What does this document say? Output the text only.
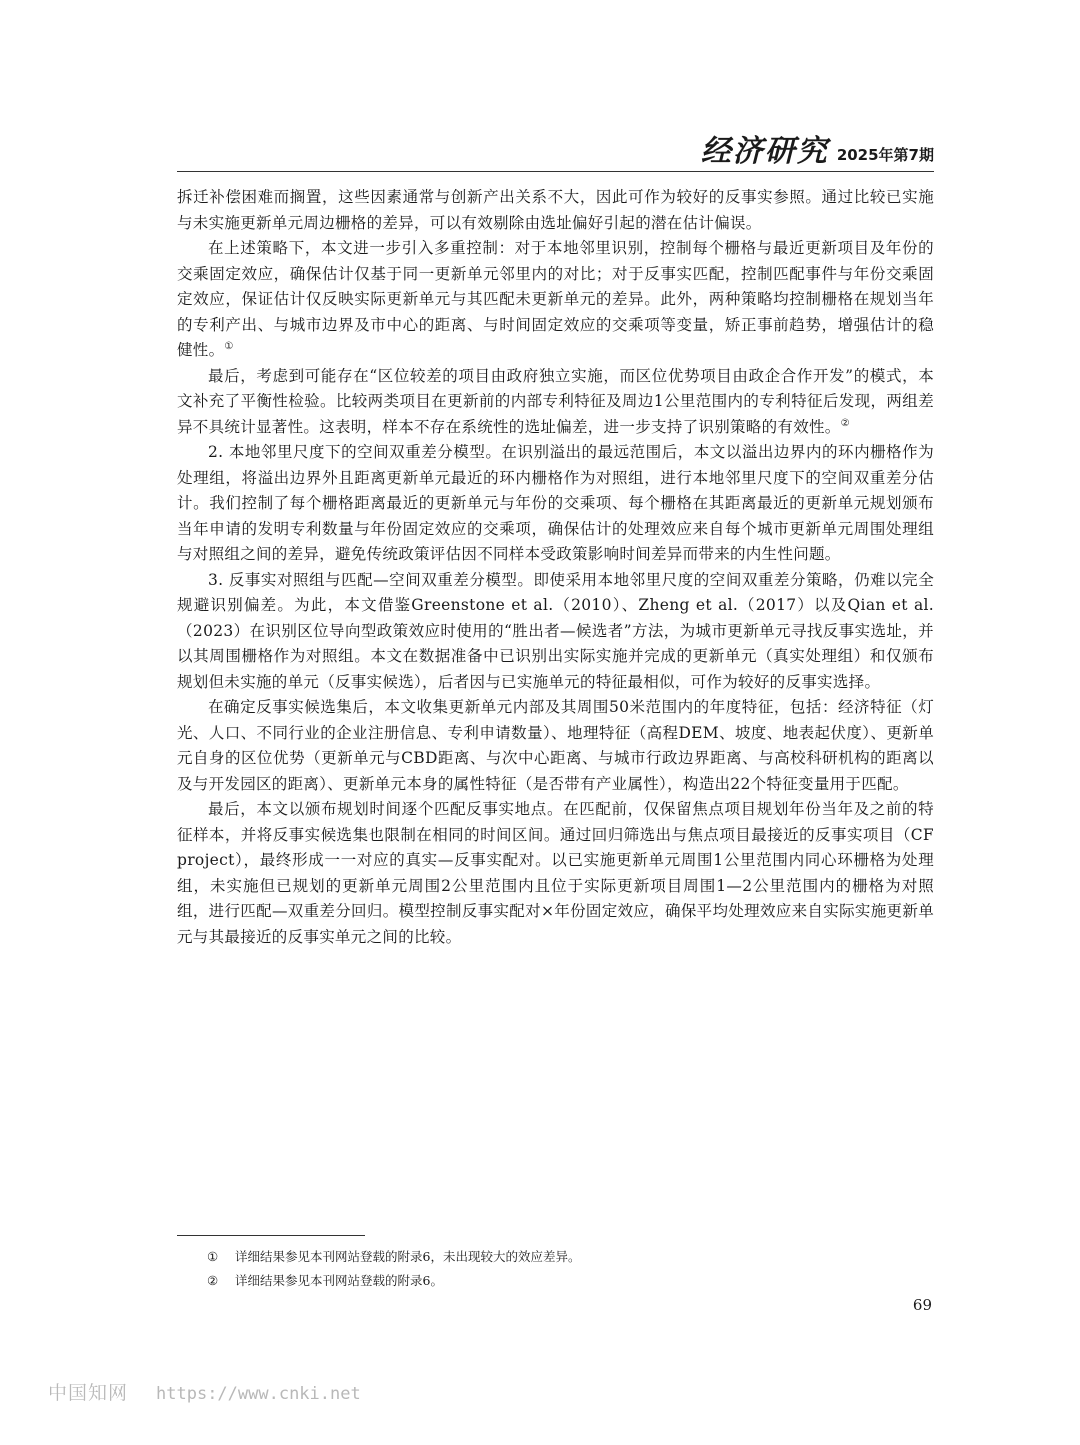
经济研究 2025年第7期

拆迁补偿困难而搁置，这些因素通常与创新产出关系不大，因此可作为较好的反事实参照。通过比较已实施与未实施更新单元周边栅格的差异，可以有效剔除由选址偏好引起的潜在估计偏误。

在上述策略下，本文进一步引入多重控制：对于本地邻里识别，控制每个栅格与最近更新项目及年份的交乘固定效应，确保估计仅基于同一更新单元邻里内的对比；对于反事实匹配，控制匹配事件与年份交乘固定效应，保证估计仅反映实际更新单元与其匹配未更新单元的差异。此外，两种策略均控制栅格在规划当年的专利产出、与城市边界及市中心的距离、与时间固定效应的交乘项等变量，矫正事前趋势，增强估计的稳健性。①

最后，考虑到可能存在“区位较差的项目由政府独立实施，而区位优势项目由政企合作开发”的模式，本文补充了平衡性检验。比较两类项目在更新前的内部专利特征及周边1公里范围内的专利特征后发现，两组差异不具统计显著性。这表明，样本不存在系统性的选址偏差，进一步支持了识别策略的有效性。②

2. 本地邻里尺度下的空间双重差分模型。在识别溢出的最远范围后，本文以溢出边界内的环内栅格作为处理组，将溢出边界外且距离更新单元最近的环内栅格作为对照组，进行本地邻里尺度下的空间双重差分估计。我们控制了每个栅格距离最近的更新单元与年份的交乘项、每个栅格在其距离最近的更新单元规划颁布当年申请的发明专利数量与年份固定效应的交乘项，确保估计的处理效应来自每个城市更新单元周围处理组与对照组之间的差异，避免传统政策评估因不同样本受政策影响时间差异而带来的内生性问题。

3. 反事实对照组与匹配—空间双重差分模型。即使采用本地邻里尺度的空间双重差分策略，仍难以完全规避识别偏差。为此，本文借鉴Greenstone et al.（2010）、Zheng et al.（2017）以及Qian et al.（2023）在识别区位导向型政策效应时使用的“胜出者—候选者”方法，为城市更新单元寻找反事实选址，并以其周围栅格作为对照组。本文在数据准备中已识别出实际实施并完成的更新单元（真实处理组）和仅颁布规划但未实施的单元（反事实候选），后者因与已实施单元的特征最相似，可作为较好的反事实选择。

在确定反事实候选集后，本文收集更新单元内部及其周围50米范围内的年度特征，包括：经济特征（灯光、人口、不同行业的企业注册信息、专利申请数量）、地理特征（高程DEM、坡度、地表起伏度）、更新单元自身的区位优势（更新单元与CBD距离、与次中心距离、与城市行政边界距离、与高校科研机构的距离以及与开发园区的距离）、更新单元本身的属性特征（是否带有产业属性），构造出22个特征变量用于匹配。

最后，本文以颁布规划时间逐个匹配反事实地点。在匹配前，仅保留焦点项目规划年份当年及之前的特征样本，并将反事实候选集也限制在相同的时间区间。通过回归筛选出与焦点项目最接近的反事实项目（CF project），最终形成一一对应的真实—反事实配对。以已实施更新单元周围1公里范围内同心环栅格为处理组，未实施但已规划的更新单元周围2公里范围内且位于实际更新项目周围1—2公里范围内的栅格为对照组，进行匹配—双重差分回归。模型控制反事实配对×年份固定效应，确保平均处理效应来自实际实施更新单元与其最接近的反事实单元之间的比较。

① 详细结果参见本刊网站登载的附录6，未出现较大的效应差异。
② 详细结果参见本刊网站登载的附录6。
69
中国知网 https://www.cnki.net
